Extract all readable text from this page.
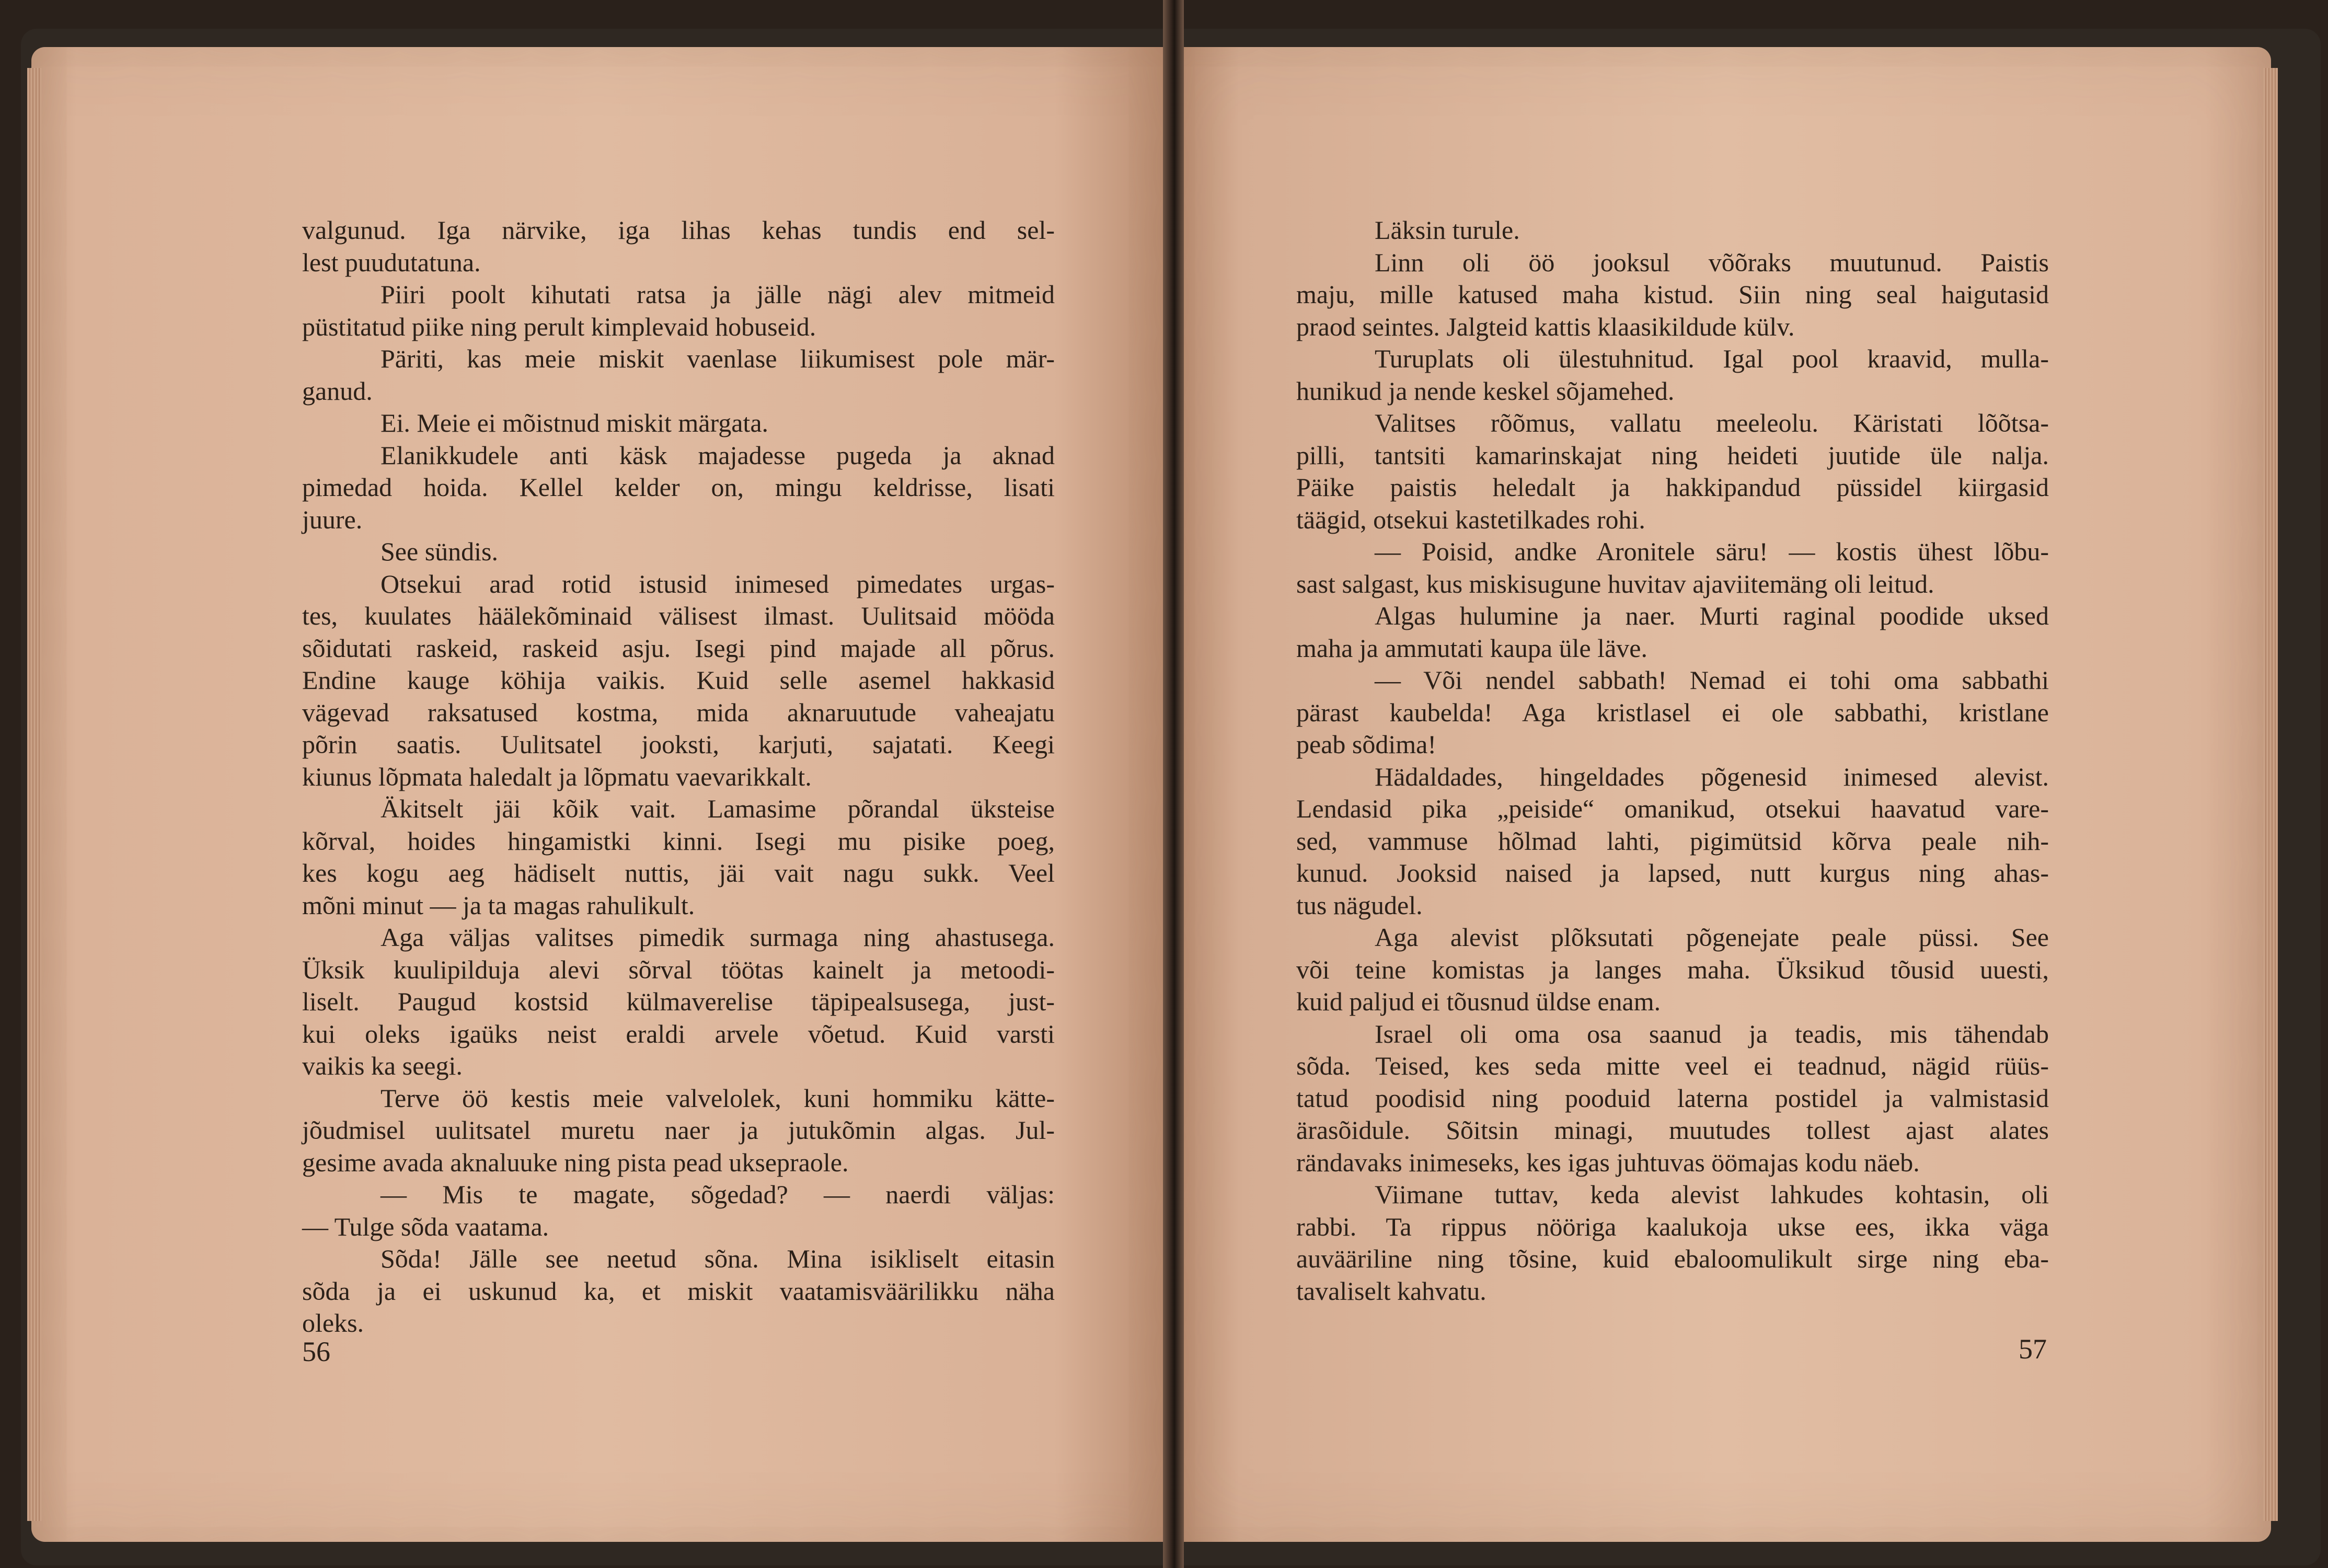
valgunud. Iga närvike, iga lihas kehas tundis end sel-
lest puudutatuna.
Piiri poolt kihutati ratsa ja jälle nägi alev mitmeid
püstitatud piike ning perult kimplevaid hobuseid.
Päriti, kas meie miskit vaenlase liikumisest pole mär-
ganud.
Ei. Meie ei mõistnud miskit märgata.
Elanikkudele anti käsk majadesse pugeda ja aknad
pimedad hoida. Kellel kelder on, mingu keldrisse, lisati
juure.
See sündis.
Otsekui arad rotid istusid inimesed pimedates urgas-
tes, kuulates häälekõminaid välisest ilmast. Uulitsaid mööda
sõidutati raskeid, raskeid asju. Isegi pind majade all põrus.
Endine kauge köhija vaikis. Kuid selle asemel hakkasid
vägevad raksatused kostma, mida aknaruutude vaheajatu
põrin saatis. Uulitsatel jooksti, karjuti, sajatati. Keegi
kiunus lõpmata haledalt ja lõpmatu vaevarikkalt.
Äkitselt jäi kõik vait. Lamasime põrandal üksteise
kõrval, hoides hingamistki kinni. Isegi mu pisike poeg,
kes kogu aeg hädiselt nuttis, jäi vait nagu sukk. Veel
mõni minut — ja ta magas rahulikult.
Aga väljas valitses pimedik surmaga ning ahastusega.
Üksik kuulipilduja alevi sõrval töötas kainelt ja metoodi-
liselt. Paugud kostsid külmaverelise täpipealsusega, just-
kui oleks igaüks neist eraldi arvele võetud. Kuid varsti
vaikis ka seegi.
Terve öö kestis meie valvelolek, kuni hommiku kätte-
jõudmisel uulitsatel muretu naer ja jutukõmin algas. Jul-
gesime avada aknaluuke ning pista pead uksepraole.
— Mis te magate, sõgedad? — naerdi väljas:
— Tulge sõda vaatama.
Sõda! Jälle see neetud sõna. Mina isikliselt eitasin
sõda ja ei uskunud ka, et miskit vaatamisväärilikku näha
oleks.
Läksin turule.
Linn oli öö jooksul võõraks muutunud. Paistis
maju, mille katused maha kistud. Siin ning seal haigutasid
praod seintes. Jalgteid kattis klaasikildude külv.
Turuplats oli ülestuhnitud. Igal pool kraavid, mulla-
hunikud ja nende keskel sõjamehed.
Valitses rõõmus, vallatu meeleolu. Käristati lõõtsa-
pilli, tantsiti kamarinskajat ning heideti juutide üle nalja.
Päike paistis heledalt ja hakkipandud püssidel kiirgasid
täägid, otsekui kastetilkades rohi.
— Poisid, andke Aronitele säru! — kostis ühest lõbu-
sast salgast, kus miskisugune huvitav ajaviitemäng oli leitud.
Algas hulumine ja naer. Murti raginal poodide uksed
maha ja ammutati kaupa üle läve.
— Või nendel sabbath! Nemad ei tohi oma sabbathi
pärast kaubelda! Aga kristlasel ei ole sabbathi, kristlane
peab sõdima!
Hädaldades, hingeldades põgenesid inimesed alevist.
Lendasid pika „peiside“ omanikud, otsekui haavatud vare-
sed, vammuse hõlmad lahti, pigimütsid kõrva peale nih-
kunud. Jooksid naised ja lapsed, nutt kurgus ning ahas-
tus nägudel.
Aga alevist plõksutati põgenejate peale püssi. See
või teine komistas ja langes maha. Üksikud tõusid uuesti,
kuid paljud ei tõusnud üldse enam.
Israel oli oma osa saanud ja teadis, mis tähendab
sõda. Teised, kes seda mitte veel ei teadnud, nägid rüüs-
tatud poodisid ning pooduid laterna postidel ja valmistasid
ärasõidule. Sõitsin minagi, muutudes tollest ajast alates
rändavaks inimeseks, kes igas juhtuvas öömajas kodu näeb.
Viimane tuttav, keda alevist lahkudes kohtasin, oli
rabbi. Ta rippus nööriga kaalukoja ukse ees, ikka väga
auvääriline ning tõsine, kuid ebaloomulikult sirge ning eba-
tavaliselt kahvatu.
56	57
